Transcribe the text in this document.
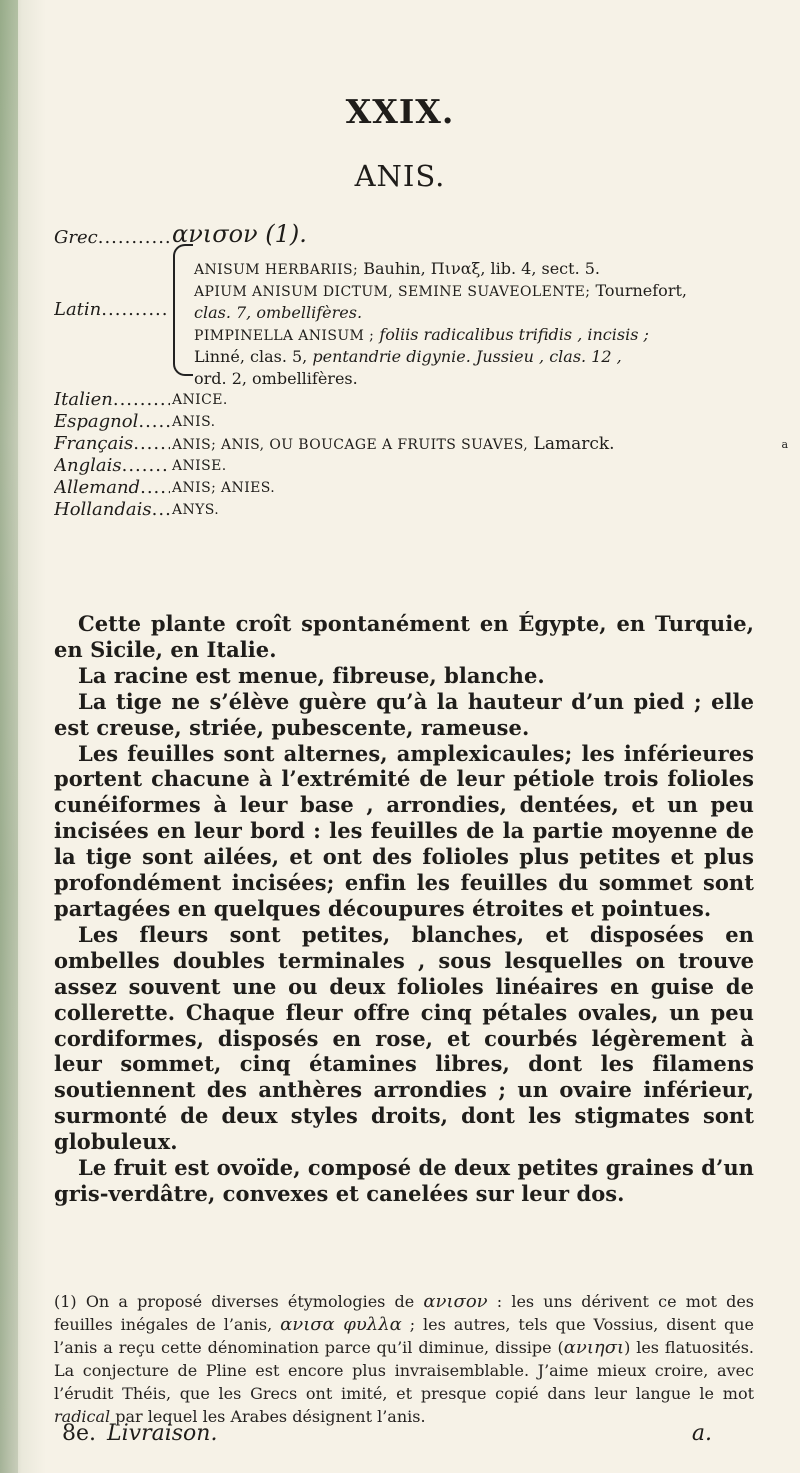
a
XXIX.
ANIS.
Grec .....	ανισον (1).
Latin .....
ANISUM HERBARIIS; Bauhin, Πιναξ, lib. 4, sect. 5.
APIUM ANISUM DICTUM, SEMINE SUAVEOLENTE; Tournefort,
clas. 7, ombellifères.
PIMPINELLA ANISUM ; foliis radicalibus trifidis , incisis ;
Linné, clas. 5, pentandrie digynie. Jussieu , clas. 12 ,
ord. 2, ombellifères.
Italien .....	ANICE.
Espagnol .....	ANIS.
Français .....	ANIS; ANIS, OU BOUCAGE A FRUITS SUAVES, Lamarck.
Anglais .....	ANISE.
Allemand .....	ANIS; ANIES.
Hollandais .....	ANYS.

Cette plante croît spontanément en Égypte, en Turquie, en Sicile, en Italie.

La racine est menue, fibreuse, blanche.

La tige ne s’élève guère qu’à la hauteur d’un pied ; elle est creuse, striée, pubescente, rameuse.

Les feuilles sont alternes, amplexicaules; les inférieures portent chacune à l’extrémité de leur pétiole trois folioles cunéiformes à leur base , arrondies, dentées, et un peu incisées en leur bord : les feuilles de la partie moyenne de la tige sont ailées, et ont des folioles plus petites et plus profondément incisées; enfin les feuilles du sommet sont partagées en quelques découpures étroites et pointues.

Les fleurs sont petites, blanches, et disposées en ombelles doubles terminales , sous lesquelles on trouve assez souvent une ou deux folioles linéaires en guise de collerette. Chaque fleur offre cinq pétales ovales, un peu cordiformes, disposés en rose, et courbés légèrement à leur sommet, cinq étamines libres, dont les filamens soutiennent des anthères arrondies ; un ovaire inférieur, surmonté de deux styles droits, dont les stigmates sont globuleux.

Le fruit est ovoïde, composé de deux petites graines d’un gris-verdâtre, convexes et canelées sur leur dos.

(1) On a proposé diverses étymologies de ανισον : les uns dérivent ce mot des feuilles inégales de l’anis, ανισα φυλλα ; les autres, tels que Vossius, disent que l’anis a reçu cette dénomination parce qu’il diminue, dissipe (ανιησι) les flatuosités. La conjecture de Pline est encore plus invraisemblable. J’aime mieux croire, avec l’érudit Théis, que les Grecs ont imité, et presque copié dans leur langue le mot radical par lequel les Arabes désignent l’anis.

8e. Livraison.	a.
